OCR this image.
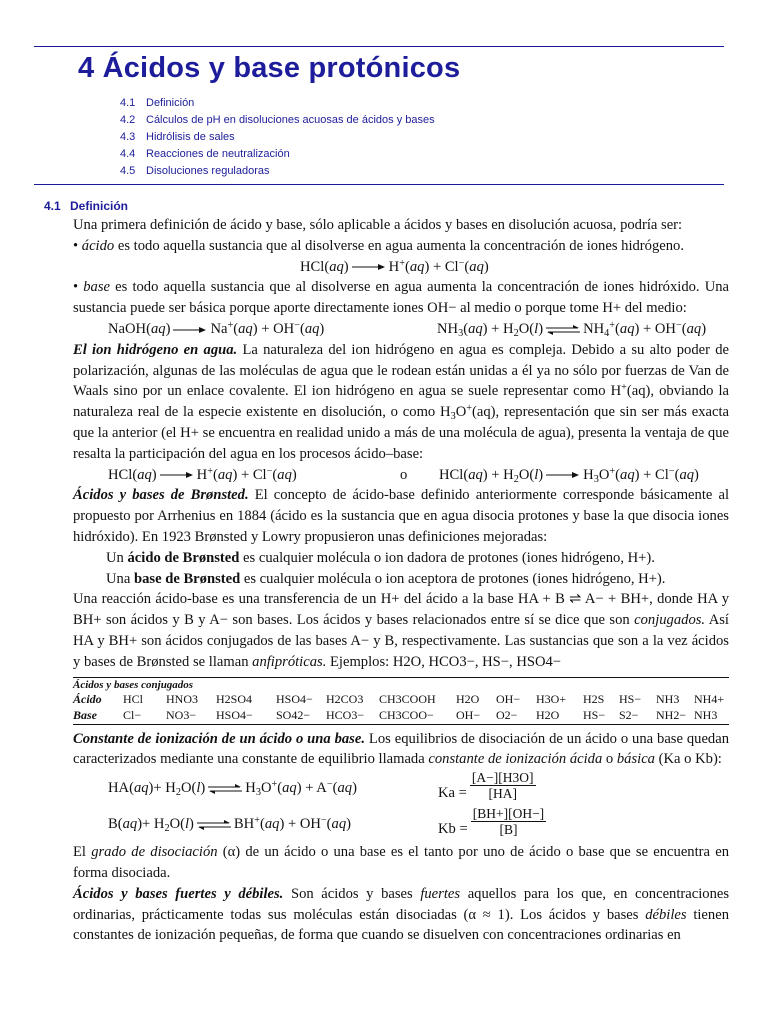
4 Ácidos y base protónicos
4.1 Definición
4.2 Cálculos de pH en disoluciones acuosas de ácidos y bases
4.3 Hidrólisis de sales
4.4 Reacciones de neutralización
4.5 Disoluciones reguladoras
4.1 Definición

Una primera definición de ácido y base, sólo aplicable a ácidos y bases en disolución acuosa, podría ser:

• ácido es todo aquella sustancia que al disolverse en agua aumenta la concentración de iones hidrógeno.

HCl(aq)	H+(aq) + Cl−(aq)

• base es todo aquella sustancia que al disolverse en agua aumenta la concentración de iones hidróxido. Una sustancia puede ser básica porque aporte directamente iones OH− al medio o porque tome H+ del medio:

NaOH(aq)	Na+(aq) + OH−(aq)	$NH_3(aq) + H_2O(l)$	$NH_4^+(aq) + OH^-(aq)$

El ion hidrógeno en agua. La naturaleza del ion hidrógeno en agua es compleja. Debido a su alto poder de polarización, algunas de las moléculas de agua que le rodean están unidas a él ya no sólo por fuerzas de Van de Waals sino por un enlace covalente. El ion hidrógeno en agua se suele representar como H+(aq), obviando la naturaleza real de la especie existente en disolución, o como $H_3O^+(aq)$, representación que sin ser más exacta que la anterior (el H+ se encuentra en realidad unido a más de una molécula de agua), presenta la ventaja de que resalta la participación del agua en los procesos ácido–base:

HCl(aq)	H+(aq) + Cl−(aq)	o $HCl(aq) + H_2O(l)$	$H_3O^+(aq) + Cl^-(aq)$

Ácidos y bases de Brønsted. El concepto de ácido-base definido anteriormente corresponde básicamente al propuesto por Arrhenius en 1884 (ácido es la sustancia que en agua disocia protones y base la que disocia iones hidróxido). En 1923 Brønsted y Lowry propusieron unas definiciones mejoradas:

Un ácido de Brønsted es cualquier molécula o ion dadora de protones (iones hidrógeno, H+).

Una base de Brønsted es cualquier molécula o ion aceptora de protones (iones hidrógeno, H+).

Una reacción ácido-base es una transferencia de un H+ del ácido a la base HA + B ⇌ A− + BH+, donde HA y BH+ son ácidos y B y A− son bases. Los ácidos y bases relacionados entre sí se dice que son conjugados. Así HA y BH+ son ácidos conjugados de las bases A− y B, respectivamente. Las sustancias que son a la vez ácidos y bases de Brønsted se llaman anfipróticas. Ejemplos: H2O, HCO3−, HS−, HSO4−

Ácidos y bases conjugados
Ácido HCl HNO3 H2SO4 HSO4− H2CO3 CH3COOH H2O OH− H3O+ H2S HS− NH3 NH4+
Base Cl− NO3− HSO4− SO42− HCO3− CH3COO− OH− O2− H2O HS− S2− NH2− NH3

Constante de ionización de un ácido o una base. Los equilibrios de disociación de un ácido o una base quedan caracterizados mediante una constante de equilibrio llamada constante de ionización ácida o básica (Ka o Kb):

$HA(aq)+ H_2O(l)$	$H_3O^+(aq) + A^-(aq)$	$Ka = \frac{[A-][H3O]}{[HA]}$
$B(aq)+ H_2O(l)$	BH+(aq) + OH−(aq)	$Kb = \frac{[BH+][OH-]}{[B]}$

El grado de disociación (α) de un ácido o una base es el tanto por uno de ácido o base que se encuentra en forma disociada.

Ácidos y bases fuertes y débiles. Son ácidos y bases fuertes aquellos para los que, en concentraciones ordinarias, prácticamente todas sus moléculas están disociadas (α ≈ 1). Los ácidos y bases débiles tienen constantes de ionización pequeñas, de forma que cuando se disuelven con concentraciones ordinarias en
